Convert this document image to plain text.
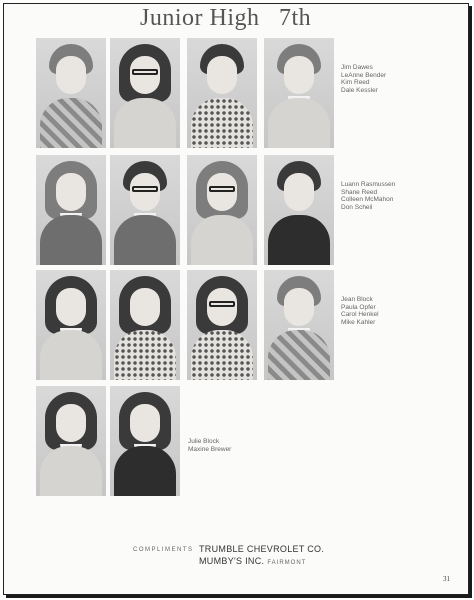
Junior High   7th
Jim Dawes
LeAnne Bender
Kim Reed
Dale Kessler
Luann Rasmussen
Shane Reed
Colleen McMahon
Don Scheil
Jean Block
Paula Opfer
Carol Henkel
Mike Kahler
Julie Block
Maxine Brewer
COMPLIMENTS TRUMBLE CHEVROLET CO.
MUMBY'S INC. FAIRMONT
31
